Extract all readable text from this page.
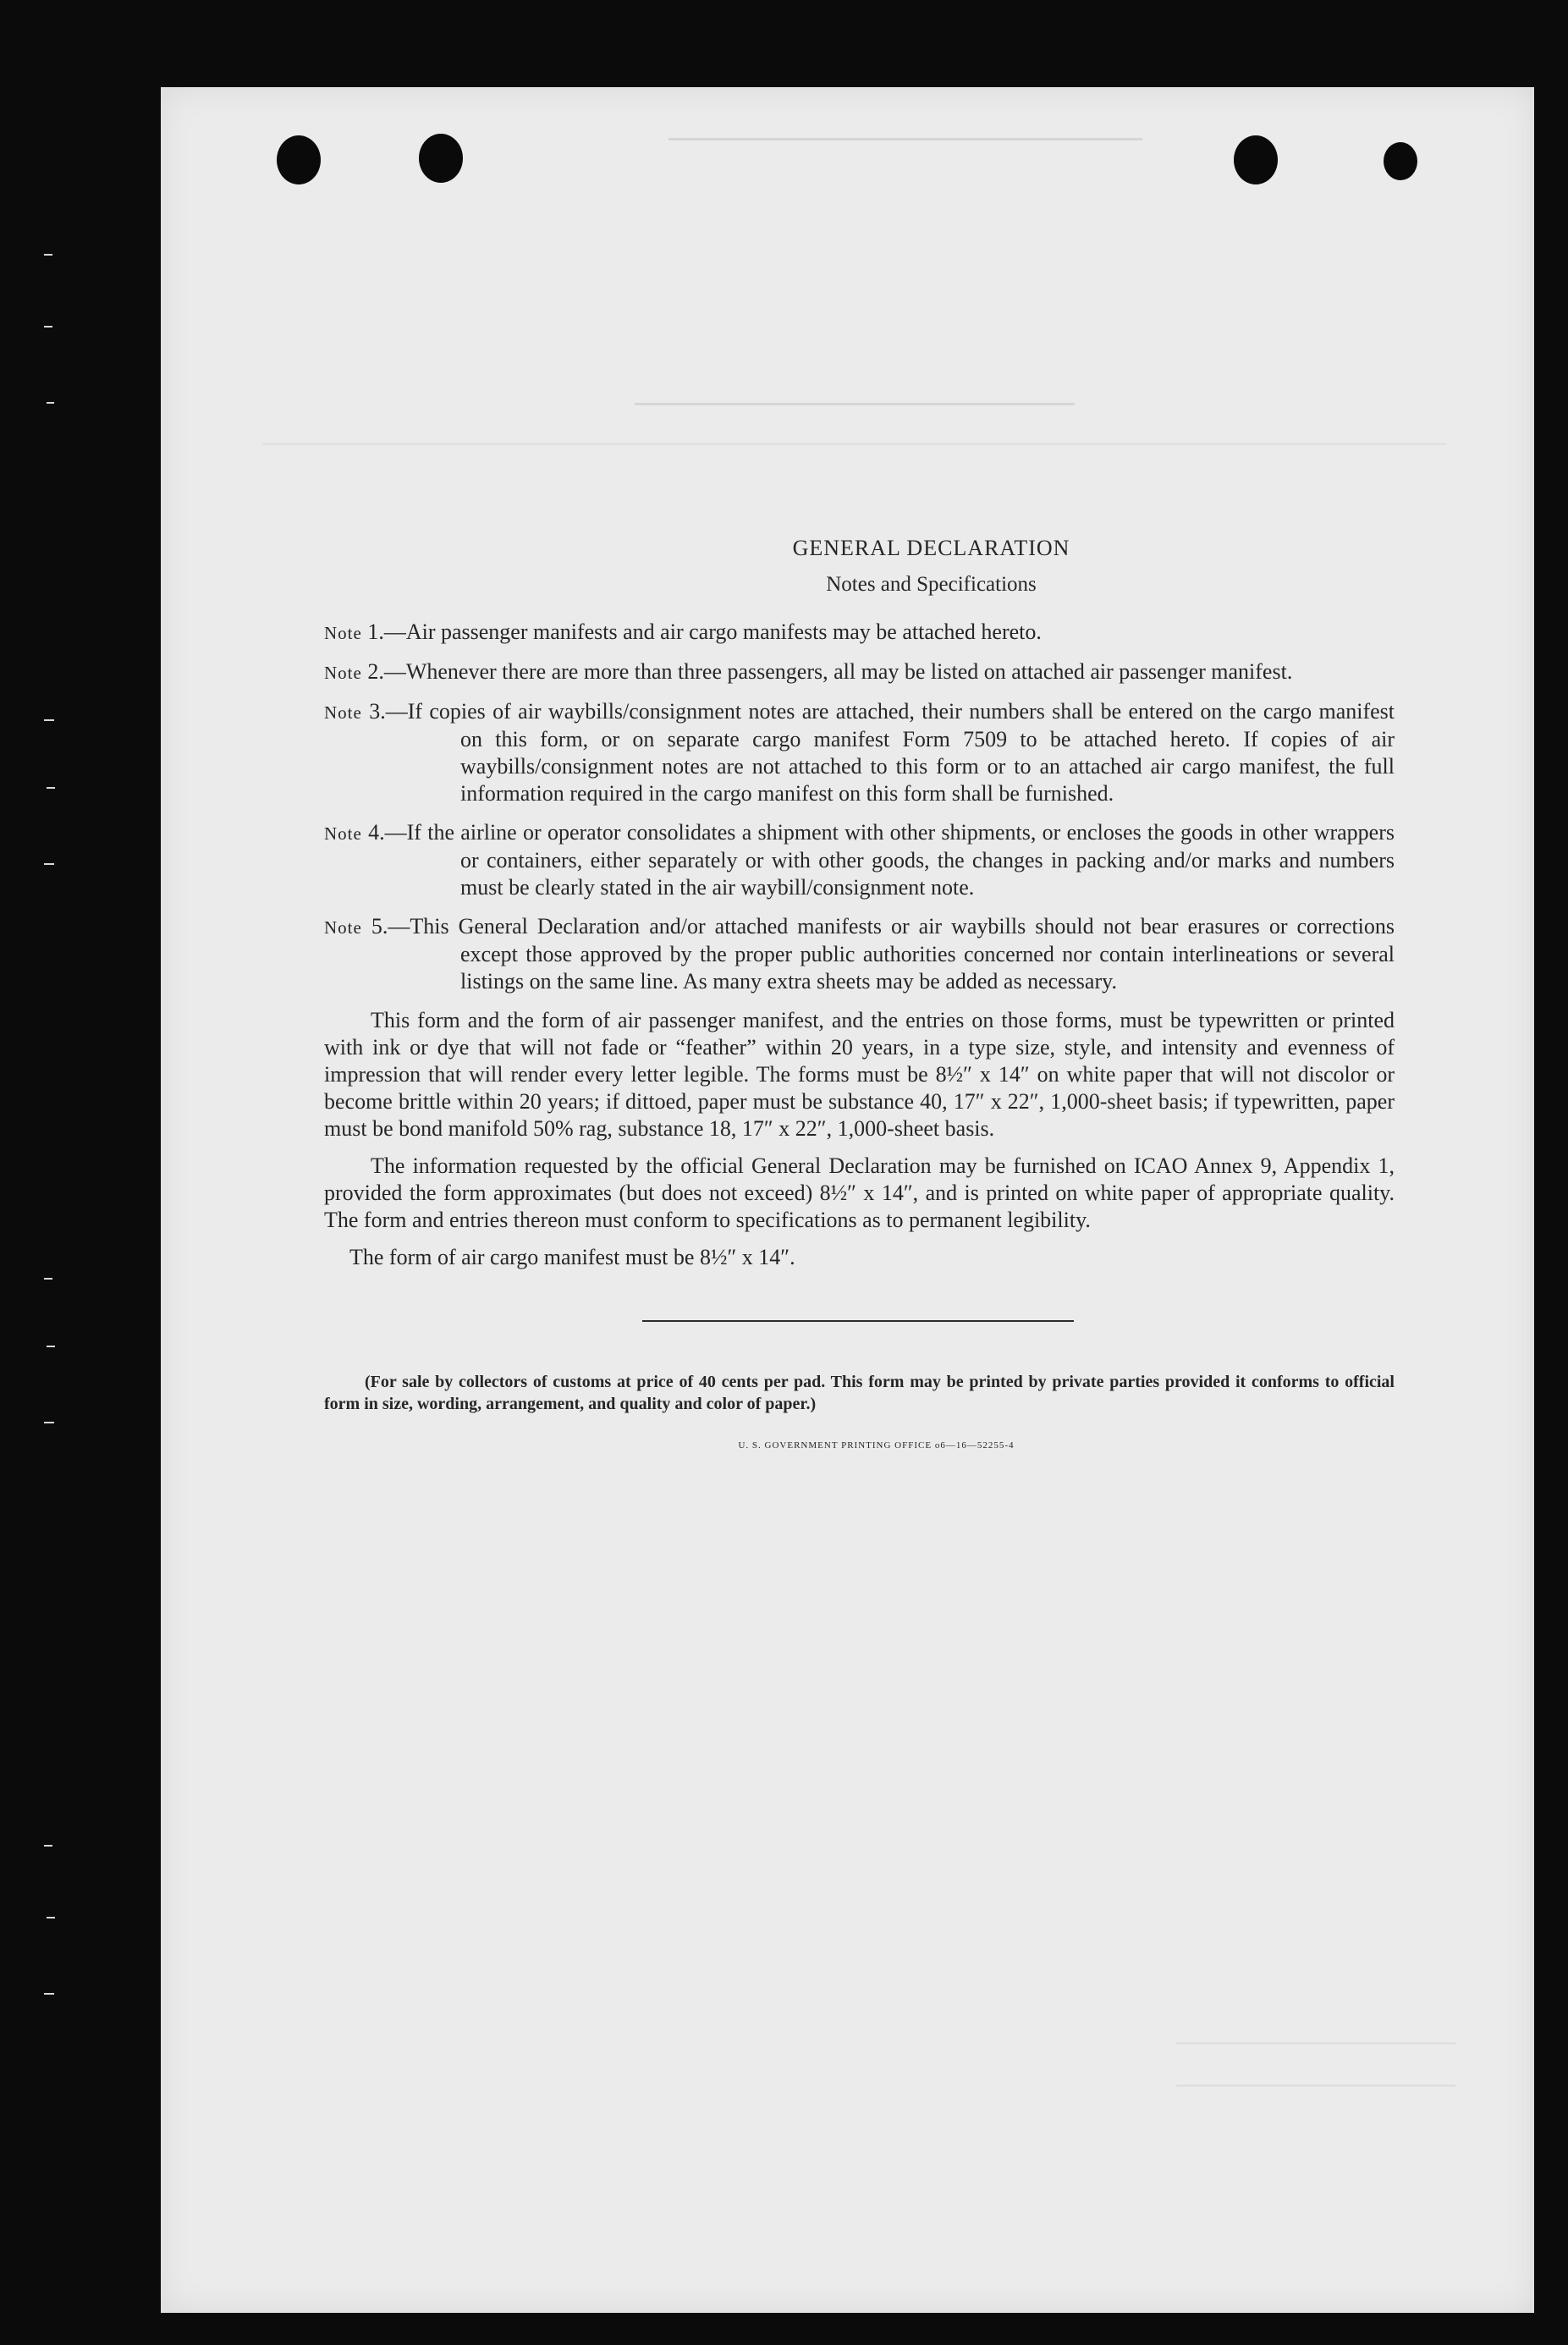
GENERAL DECLARATION
Notes and Specifications
Note 1.—Air passenger manifests and air cargo manifests may be attached hereto.
Note 2.—Whenever there are more than three passengers, all may be listed on attached air passenger manifest.
Note 3.—If copies of air waybills/consignment notes are attached, their numbers shall be entered on the cargo manifest on this form, or on separate cargo manifest Form 7509 to be attached hereto. If copies of air waybills/consignment notes are not attached to this form or to an attached air cargo manifest, the full information required in the cargo manifest on this form shall be furnished.
Note 4.—If the airline or operator consolidates a shipment with other shipments, or encloses the goods in other wrappers or containers, either separately or with other goods, the changes in packing and/or marks and numbers must be clearly stated in the air waybill/consignment note.
Note 5.—This General Declaration and/or attached manifests or air waybills should not bear erasures or corrections except those approved by the proper public authorities concerned nor contain interlineations or several listings on the same line. As many extra sheets may be added as necessary.

This form and the form of air passenger manifest, and the entries on those forms, must be typewritten or printed with ink or dye that will not fade or “feather” within 20 years, in a type size, style, and intensity and evenness of impression that will render every letter legible. The forms must be 8½″ x 14″ on white paper that will not discolor or become brittle within 20 years; if dittoed, paper must be substance 40, 17″ x 22″, 1,000-sheet basis; if typewritten, paper must be bond manifold 50% rag, substance 18, 17″ x 22″, 1,000-sheet basis.

The information requested by the official General Declaration may be furnished on ICAO Annex 9, Appendix 1, provided the form approximates (but does not exceed) 8½″ x 14″, and is printed on white paper of appropriate quality. The form and entries thereon must conform to specifications as to permanent legibility.

The form of air cargo manifest must be 8½″ x 14″.

(For sale by collectors of customs at price of 40 cents per pad. This form may be printed by private parties provided it conforms to official form in size, wording, arrangement, and quality and color of paper.)
U. S. GOVERNMENT PRINTING OFFICE o6—16—52255-4
